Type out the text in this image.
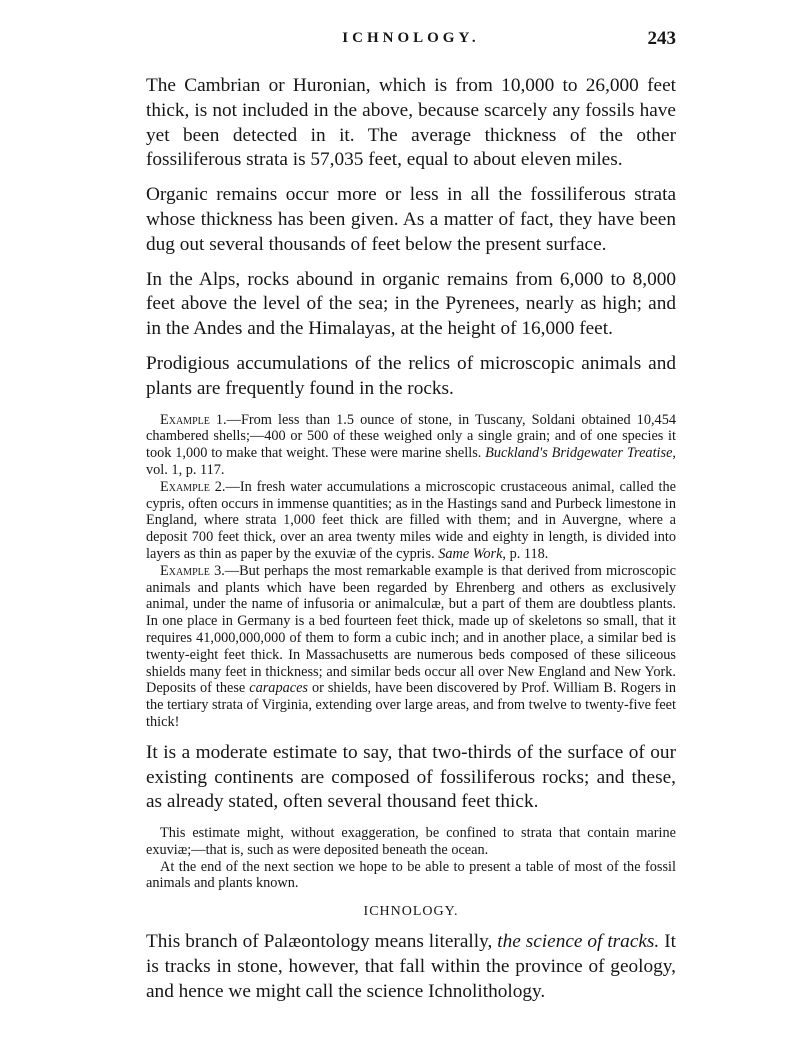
ICHNOLOGY.	243

The Cambrian or Huronian, which is from 10,000 to 26,000 feet thick, is not included in the above, because scarcely any fossils have yet been detected in it. The average thickness of the other fossiliferous strata is 57,035 feet, equal to about eleven miles.

Organic remains occur more or less in all the fossiliferous strata whose thickness has been given. As a matter of fact, they have been dug out several thousands of feet below the present surface.

In the Alps, rocks abound in organic remains from 6,000 to 8,000 feet above the level of the sea; in the Pyrenees, nearly as high; and in the Andes and the Himalayas, at the height of 16,000 feet.

Prodigious accumulations of the relics of microscopic animals and plants are frequently found in the rocks.

Example 1.—From less than 1.5 ounce of stone, in Tuscany, Soldani obtained 10,454 chambered shells;—400 or 500 of these weighed only a single grain; and of one species it took 1,000 to make that weight. These were marine shells. Buckland's Bridgewater Treatise, vol. 1, p. 117.

Example 2.—In fresh water accumulations a microscopic crustaceous animal, called the cypris, often occurs in immense quantities; as in the Hastings sand and Purbeck limestone in England, where strata 1,000 feet thick are filled with them; and in Auvergne, where a deposit 700 feet thick, over an area twenty miles wide and eighty in length, is divided into layers as thin as paper by the exuviæ of the cypris. Same Work, p. 118.

Example 3.—But perhaps the most remarkable example is that derived from microscopic animals and plants which have been regarded by Ehrenberg and others as exclusively animal, under the name of infusoria or animalculæ, but a part of them are doubtless plants. In one place in Germany is a bed fourteen feet thick, made up of skeletons so small, that it requires 41,000,000,000 of them to form a cubic inch; and in another place, a similar bed is twenty-eight feet thick. In Massachusetts are numerous beds composed of these siliceous shields many feet in thickness; and similar beds occur all over New England and New York. Deposits of these carapaces or shields, have been discovered by Prof. William B. Rogers in the tertiary strata of Virginia, extending over large areas, and from twelve to twenty-five feet thick!

It is a moderate estimate to say, that two-thirds of the surface of our existing continents are composed of fossiliferous rocks; and these, as already stated, often several thousand feet thick.

This estimate might, without exaggeration, be confined to strata that contain marine exuviæ;—that is, such as were deposited beneath the ocean.

At the end of the next section we hope to be able to present a table of most of the fossil animals and plants known.

ICHNOLOGY.

This branch of Palæontology means literally, the science of tracks. It is tracks in stone, however, that fall within the province of geology, and hence we might call the science Ichnolithology.
